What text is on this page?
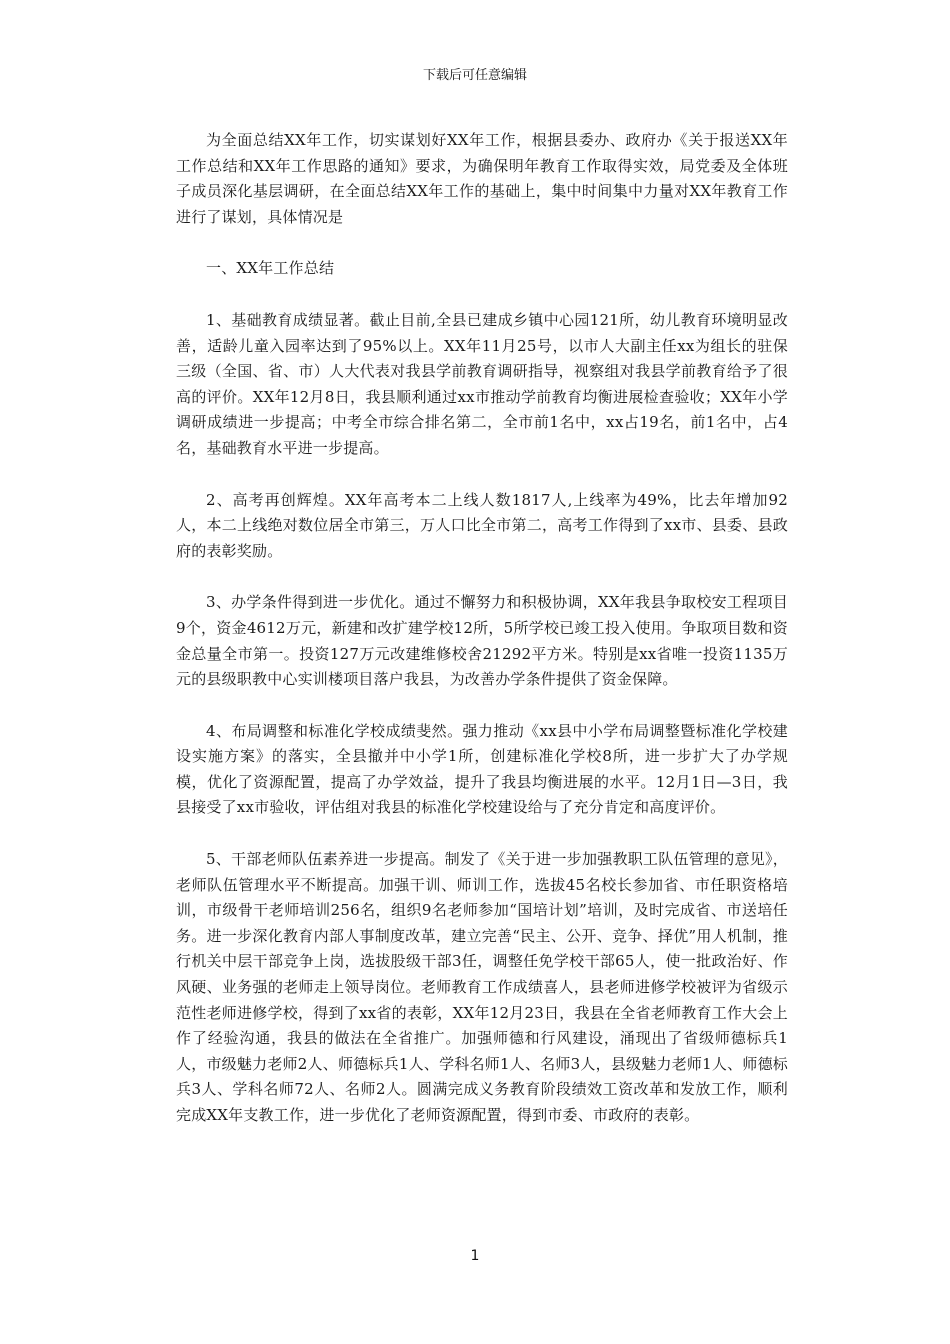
下载后可任意编辑

为全面总结XX年工作，切实谋划好XX年工作，根据县委办、政府办《关于报送XX年工作总结和XX年工作思路的通知》要求，为确保明年教育工作取得实效，局党委及全体班子成员深化基层调研，在全面总结XX年工作的基础上，集中时间集中力量对XX年教育工作进行了谋划，具体情况是

一、XX年工作总结

1、基础教育成绩显著。截止目前,全县已建成乡镇中心园121所，幼儿教育环境明显改善，适龄儿童入园率达到了95%以上。XX年11月25号，以市人大副主任xx为组长的驻保三级（全国、省、市）人大代表对我县学前教育调研指导，视察组对我县学前教育给予了很高的评价。XX年12月8日，我县顺利通过xx市推动学前教育均衡进展检查验收；XX年小学调研成绩进一步提高；中考全市综合排名第二，全市前1名中，xx占19名，前1名中，占4名，基础教育水平进一步提高。

2、高考再创辉煌。XX年高考本二上线人数1817人,上线率为49%，比去年增加92人，本二上线绝对数位居全市第三，万人口比全市第二，高考工作得到了xx市、县委、县政府的表彰奖励。

3、办学条件得到进一步优化。通过不懈努力和积极协调，XX年我县争取校安工程项目9个，资金4612万元，新建和改扩建学校12所，5所学校已竣工投入使用。争取项目数和资金总量全市第一。投资127万元改建维修校舍21292平方米。特别是xx省唯一投资1135万元的县级职教中心实训楼项目落户我县，为改善办学条件提供了资金保障。

4、布局调整和标准化学校成绩斐然。强力推动《xx县中小学布局调整暨标准化学校建设实施方案》的落实，全县撤并中小学1所，创建标准化学校8所，进一步扩大了办学规模，优化了资源配置，提高了办学效益，提升了我县均衡进展的水平。12月1日—3日，我县接受了xx市验收，评估组对我县的标准化学校建设给与了充分肯定和高度评价。

5、干部老师队伍素养进一步提高。制发了《关于进一步加强教职工队伍管理的意见》，老师队伍管理水平不断提高。加强干训、师训工作，选拔45名校长参加省、市任职资格培训，市级骨干老师培训256名，组织9名老师参加“国培计划”培训，及时完成省、市送培任务。进一步深化教育内部人事制度改革，建立完善“民主、公开、竞争、择优”用人机制，推行机关中层干部竞争上岗，选拔股级干部3任，调整任免学校干部65人，使一批政治好、作风硬、业务强的老师走上领导岗位。老师教育工作成绩喜人，县老师进修学校被评为省级示范性老师进修学校，得到了xx省的表彰，XX年12月23日，我县在全省老师教育工作大会上作了经验沟通，我县的做法在全省推广。加强师德和行风建设，涌现出了省级师德标兵1人，市级魅力老师2人、师德标兵1人、学科名师1人、名师3人，县级魅力老师1人、师德标兵3人、学科名师72人、名师2人。圆满完成义务教育阶段绩效工资改革和发放工作，顺利完成XX年支教工作，进一步优化了老师资源配置，得到市委、市政府的表彰。

1
